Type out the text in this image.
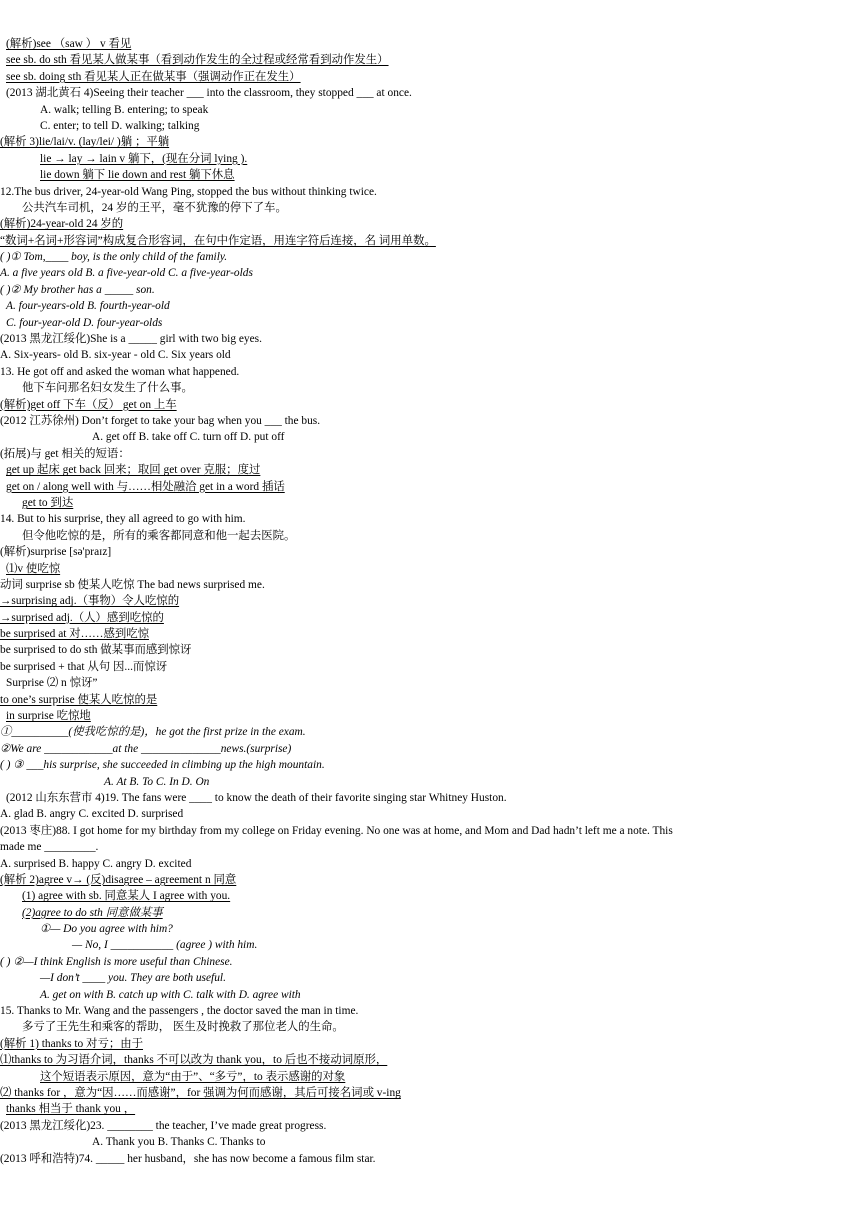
(解析)see （saw ） v 看见
see sb. do sth 看见某人做某事（看到动作发生的全过程或经常看到动作发生）
see sb. doing sth 看见某人正在做某事（强调动作正在发生）
(2013 湖北黄石 4)Seeing their teacher ___ into the classroom, they stopped ___ at once.
A. walk; telling B. entering; to speak
C. enter; to tell D. walking; talking
(解析 3)lie/lai/v. (lay/lei/ )躺 ；平躺
lie → lay → lain v 躺下，(现在分词 lying ).
lie down 躺下 lie down and rest 躺下休息
12.The bus driver, 24-year-old Wang Ping, stopped the bus without thinking twice.
公共汽车司机，24 岁的王平，毫不犹豫的停下了车。
(解析)24-year-old 24 岁的
“数词+名词+形容词”构成复合形容词，在句中作定语，用连字符后连接，名 词用单数。
( )① Tom,____ boy, is the only child of the family.
A. a five years old B. a five-year-old C. a five-year-olds
( )② My brother has a _____ son.
A. four-years-old B. fourth-year-old
C. four-year-old D. four-year-olds
(2013 黑龙江绥化)She is a _____ girl with two big eyes.
A. Six-years- old B. six-year - old C. Six years old
13. He got off and asked the woman what happened.
他下车问那名妇女发生了什么事。
(解析)get off 下车（反） get on 上车
(2012 江苏徐州) Don’t forget to take your bag when you ___ the bus.
A. get off B. take off C. turn off D. put off
(拓展)与 get 相关的短语：
get up 起床 get back 回来；取回 get over 克服；度过
get on / along well with 与……相处融洽 get in a word 插话
get to 到达
14. But to his surprise, they all agreed to go with him.
但令他吃惊的是，所有的乘客都同意和他一起去医院。
(解析)surprise [sə'praɪz]
⑴v 使吃惊
动词 surprise sb 使某人吃惊 The bad news surprised me.
→surprising adj.（事物）令人吃惊的
→surprised adj.（人）感到吃惊的
be surprised at 对……感到吃惊
be surprised to do sth 做某事而感到惊讶
be surprised + that 从句 因...而惊讶
Surprise ⑵ n 惊讶”
to one’s surprise 使某人吃惊的是
in surprise 吃惊地
①__________(使我吃惊的是)，he got the first prize in the exam.
②We are ____________at the ______________news.(surprise)
( ) ③ ___his surprise, she succeeded in climbing up the high mountain.
A. At B. To C. In D. On
(2012 山东东营市 4)19. The fans were ____ to know the death of their favorite singing star Whitney Huston.
A. glad B. angry C. excited D. surprised
(2013 枣庄)88. I got home for my birthday from my college on Friday evening. No one was at home, and Mom and Dad hadn’t left me a note. This
made me _________.
A. surprised B. happy C. angry D. excited
(解析 2)agree v→ (反)disagree – agreement n 同意
(1) agree with sb. 同意某人 I agree with you.
(2)agree to do sth 同意做某事
①— Do you agree with him?
— No, I ___________ (agree ) with him.
( ) ②—I think English is more useful than Chinese.
—I don’t ____ you. They are both useful.
A. get on with B. catch up with C. talk with D. agree with
15. Thanks to Mr. Wang and the passengers , the doctor saved the man in time.
多亏了王先生和乘客的帮助， 医生及时挽救了那位老人的生命。
(解析 1) thanks to 对亏；由于
⑴thanks to 为习语介词，thanks 不可以改为 thank you，to 后也不接动词原形，
这个短语表示原因，意为“由于”、“多亏”，to 表示感谢的对象
⑵ thanks for ，意为“因……而感谢”，for 强调为何而感谢，其后可接名词或 v-ing
thanks 相当于 thank you ，
(2013 黑龙江绥化)23. ________ the teacher, I’ve made great progress.
A. Thank you B. Thanks C. Thanks to
(2013 呼和浩特)74. _____ her husband，she has now become a famous film star.
